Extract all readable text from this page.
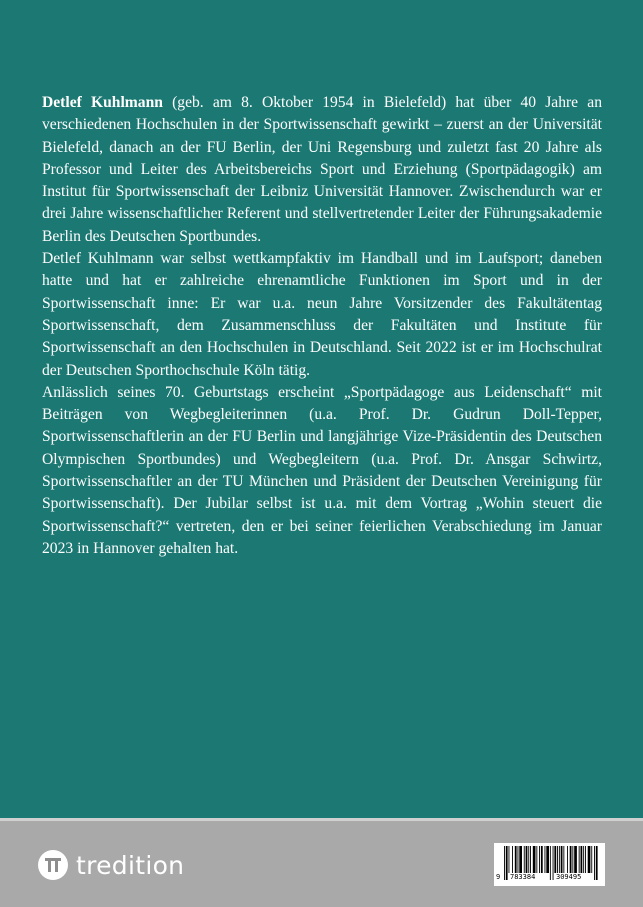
Detlef Kuhlmann (geb. am 8. Oktober 1954 in Bielefeld) hat über 40 Jahre an verschiedenen Hochschulen in der Sportwissenschaft gewirkt – zuerst an der Universität Bielefeld, danach an der FU Berlin, der Uni Regensburg und zuletzt fast 20 Jahre als Professor und Leiter des Arbeitsbereichs Sport und Erziehung (Sportpädagogik) am Institut für Sportwissenschaft der Leibniz Universität Hannover. Zwischendurch war er drei Jahre wissenschaftlicher Referent und stellvertretender Leiter der Führungsakademie Berlin des Deutschen Sportbundes.

Detlef Kuhlmann war selbst wettkampfaktiv im Handball und im Laufsport; daneben hatte und hat er zahlreiche ehrenamtliche Funktionen im Sport und in der Sportwissenschaft inne: Er war u.a. neun Jahre Vorsitzender des Fakultätentag Sportwissenschaft, dem Zusammenschluss der Fakultäten und Institute für Sportwissenschaft an den Hochschulen in Deutschland. Seit 2022 ist er im Hochschulrat der Deutschen Sporthochschule Köln tätig.

Anlässlich seines 70. Geburtstags erscheint „Sportpädagoge aus Leidenschaft“ mit Beiträgen von Wegbegleiterinnen (u.a. Prof. Dr. Gudrun Doll-Tepper, Sportwissenschaftlerin an der FU Berlin und langjährige Vize-Präsidentin des Deutschen Olympischen Sportbundes) und Wegbegleitern (u.a. Prof. Dr. Ansgar Schwirtz, Sportwissenschaftler an der TU München und Präsident der Deutschen Vereinigung für Sportwissenschaft). Der Jubilar selbst ist u.a. mit dem Vortrag „Wohin steuert die Sportwissenschaft?“ vertreten, den er bei seiner feierlichen Verabschiedung im Januar 2023 in Hannover gehalten hat.

tredition	9 783384	309495
